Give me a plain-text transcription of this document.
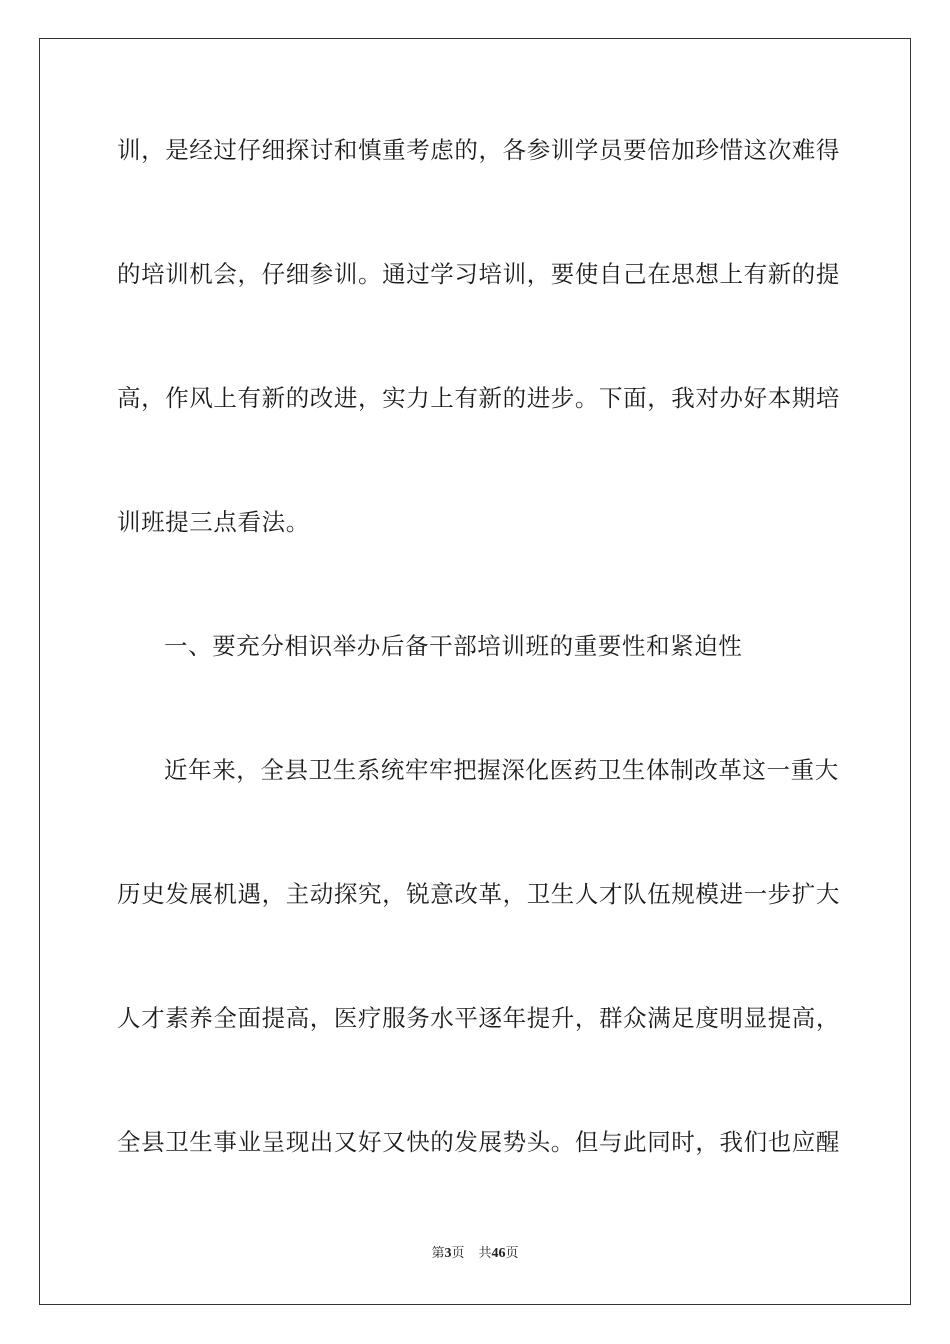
训，是经过仔细探讨和慎重考虑的，各参训学员要倍加珍惜这次难得
的培训机会，仔细参训。通过学习培训，要使自己在思想上有新的提
高，作风上有新的改进，实力上有新的进步。下面，我对办好本期培
训班提三点看法。
一、要充分相识举办后备干部培训班的重要性和紧迫性
近年来，全县卫生系统牢牢把握深化医药卫生体制改革这一重大
历史发展机遇，主动探究，锐意改革，卫生人才队伍规模进一步扩大
人才素养全面提高，医疗服务水平逐年提升，群众满足度明显提高，
全县卫生事业呈现出又好又快的发展势头。但与此同时，我们也应醒
第3页 共46页
